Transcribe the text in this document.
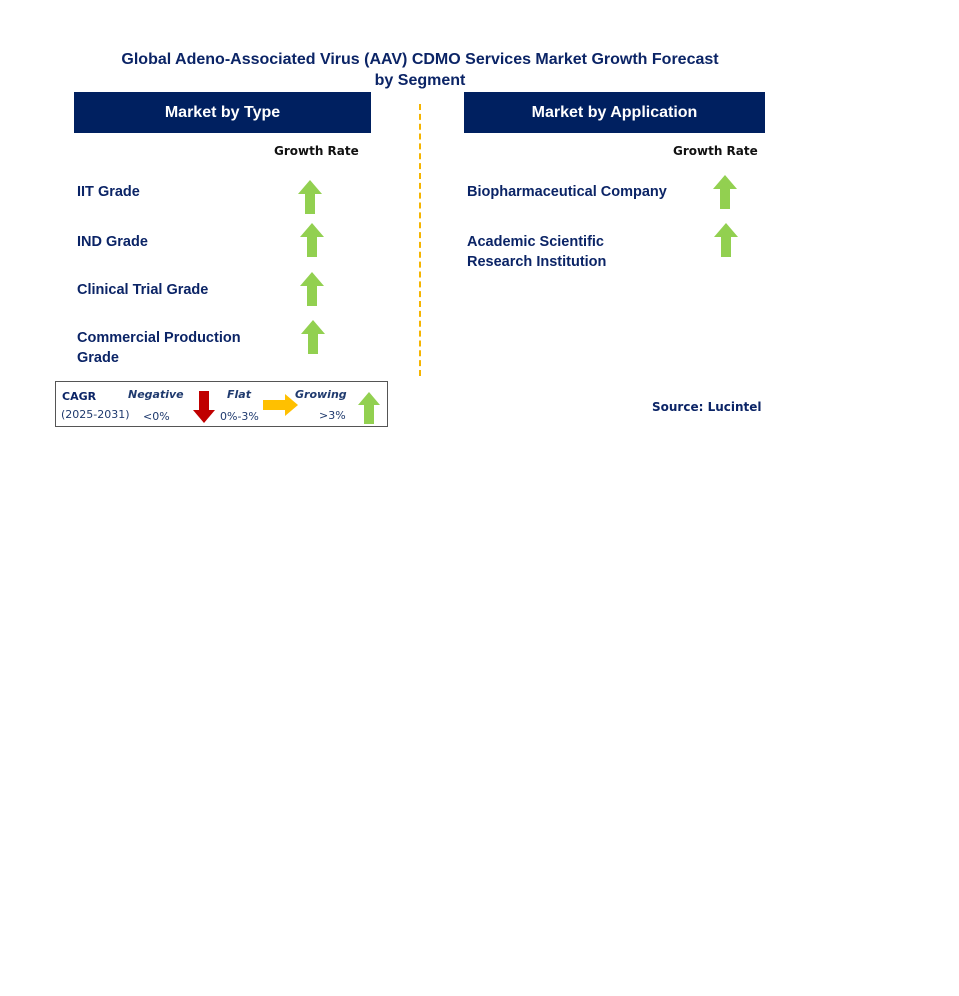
Global Adeno-Associated Virus (AAV) CDMO Services Market Growth Forecast
by Segment
Market by Type	Market by Application
Growth Rate	Growth Rate
IIT Grade
IND Grade
Clinical Trial Grade
Commercial Production
Grade
Biopharmaceutical Company
Academic Scientific
Research Institution
CAGR
(2025-2031)
Negative
<0%
Flat
0%-3%
Growing
>3%
Source: Lucintel
